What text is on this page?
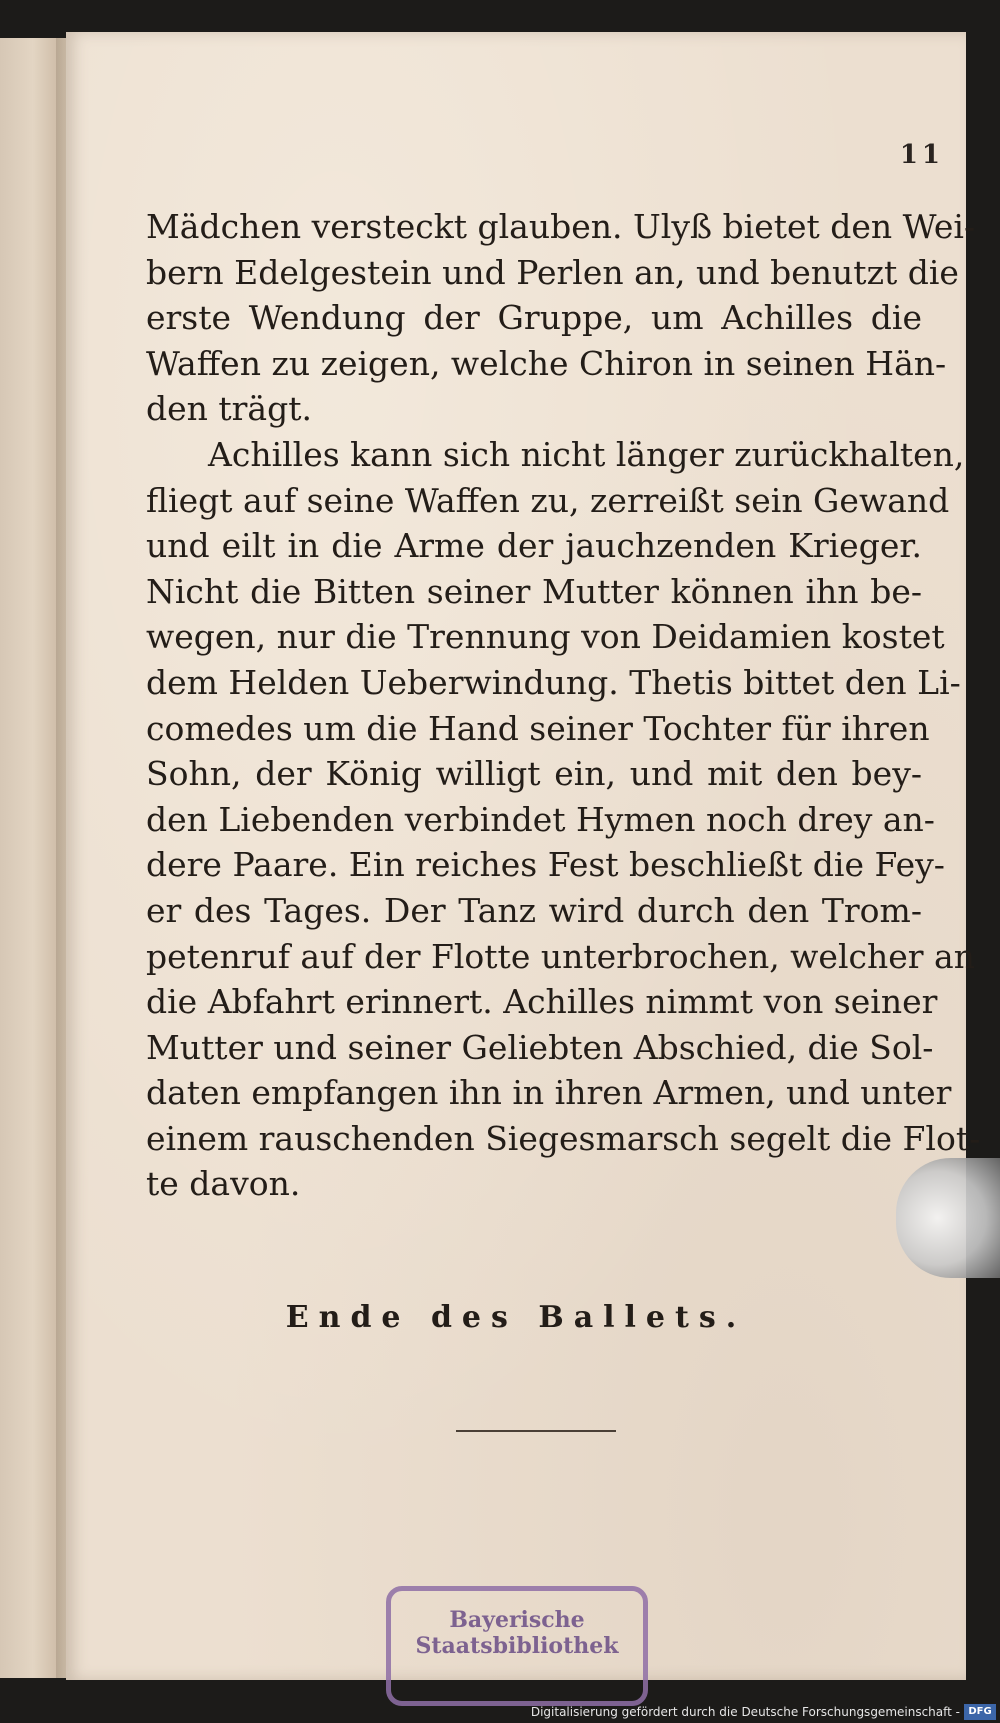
11
Mädchen versteckt glauben. Ulyß bietet den Wei-
bern Edelgestein und Perlen an, und benutzt die
erste Wendung der Gruppe, um Achilles die
Waffen zu zeigen, welche Chiron in seinen Hän-
den trägt.
Achilles kann sich nicht länger zurückhalten,
fliegt auf seine Waffen zu, zerreißt sein Gewand
und eilt in die Arme der jauchzenden Krieger.
Nicht die Bitten seiner Mutter können ihn be-
wegen, nur die Trennung von Deidamien kostet
dem Helden Ueberwindung. Thetis bittet den Li-
comedes um die Hand seiner Tochter für ihren
Sohn, der König willigt ein, und mit den bey-
den Liebenden verbindet Hymen noch drey an-
dere Paare. Ein reiches Fest beschließt die Fey-
er des Tages. Der Tanz wird durch den Trom-
petenruf auf der Flotte unterbrochen, welcher an
die Abfahrt erinnert. Achilles nimmt von seiner
Mutter und seiner Geliebten Abschied, die Sol-
daten empfangen ihn in ihren Armen, und unter
einem rauschenden Siegesmarsch segelt die Flot-
te davon.
Ende des Ballets.
Bayerische
Staatsbibliothek
Digitalisierung gefördert durch die Deutsche Forschungsgemeinschaft - DFG
